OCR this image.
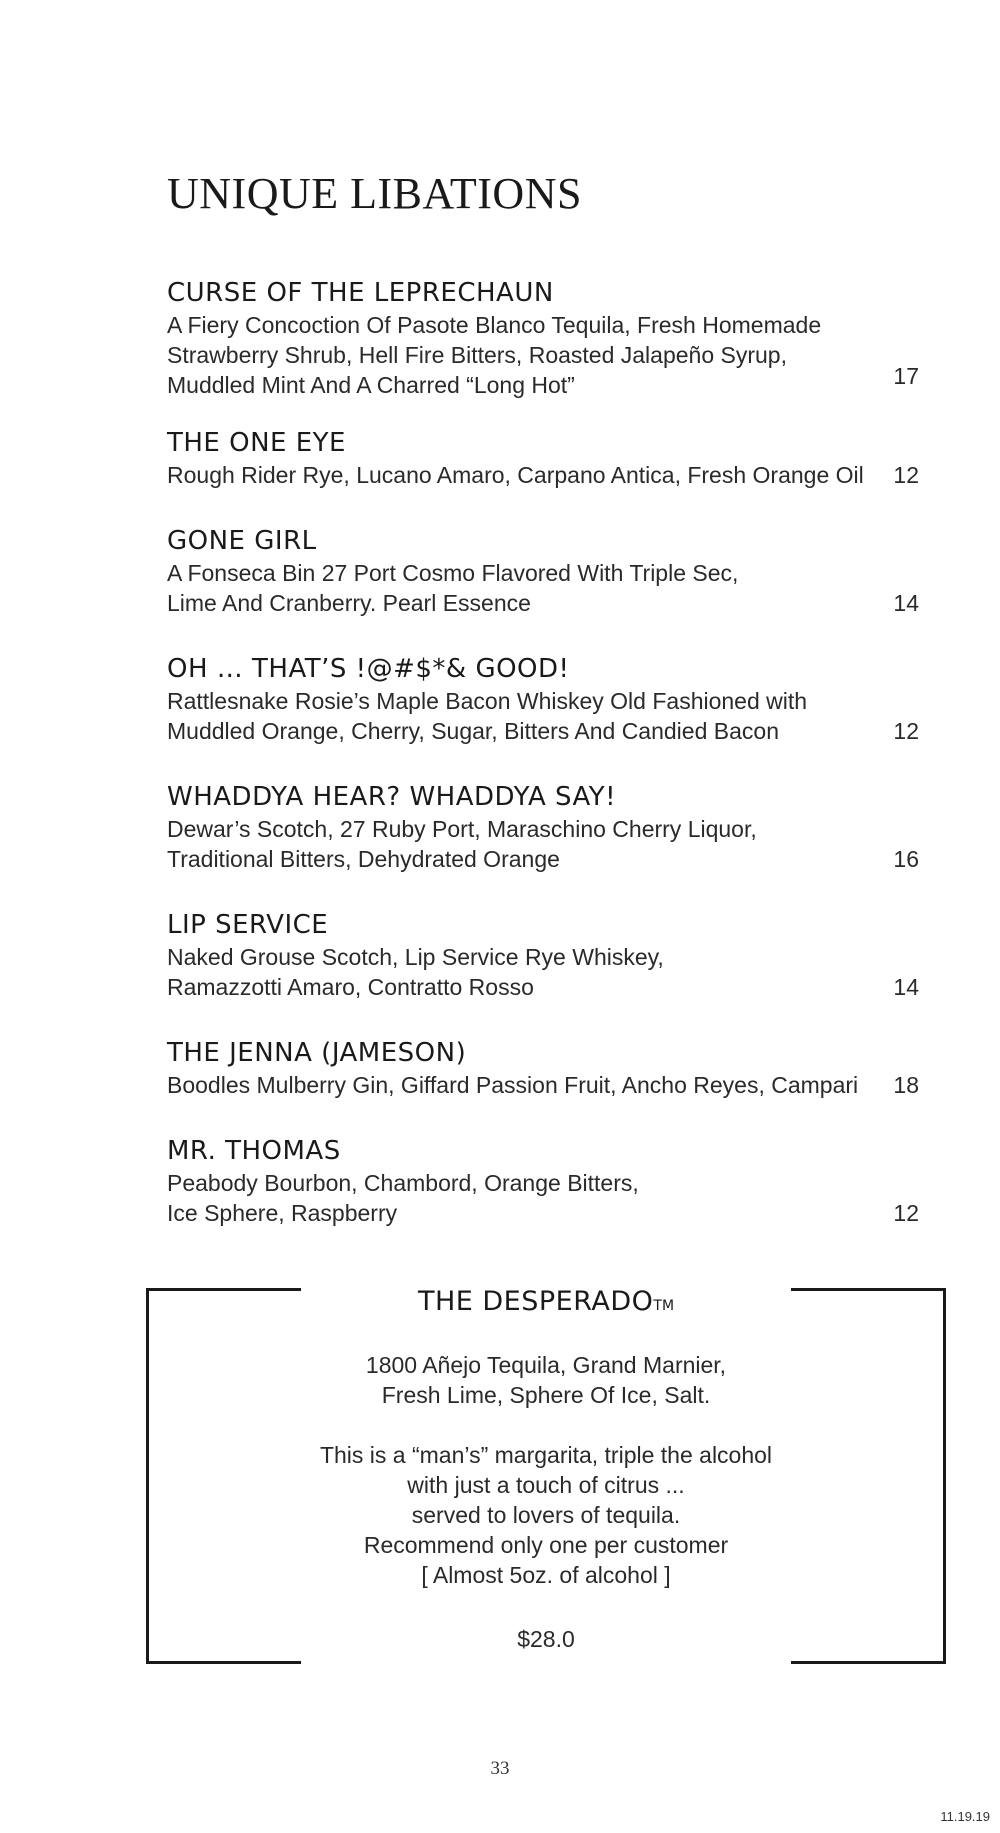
UNIQUE LIBATIONS
CURSE OF THE LEPRECHAUN
A Fiery Concoction Of Pasote Blanco Tequila, Fresh Homemade
Strawberry Shrub, Hell Fire Bitters, Roasted Jalapeño Syrup,
Muddled Mint And A Charred “Long Hot”	17
THE ONE EYE
Rough Rider Rye, Lucano Amaro, Carpano Antica, Fresh Orange Oil 12
GONE GIRL
A Fonseca Bin 27 Port Cosmo Flavored With Triple Sec,
Lime And Cranberry. Pearl Essence	14
OH … THAT’S !@#$*& GOOD!
Rattlesnake Rosie’s Maple Bacon Whiskey Old Fashioned with
Muddled Orange, Cherry, Sugar, Bitters And Candied Bacon	12
WHADDYA HEAR? WHADDYA SAY!
Dewar’s Scotch, 27 Ruby Port, Maraschino Cherry Liquor,
Traditional Bitters, Dehydrated Orange	16
LIP SERVICE
Naked Grouse Scotch, Lip Service Rye Whiskey,
Ramazzotti Amaro, Contratto Rosso	14
THE JENNA (JAMESON)
Boodles Mulberry Gin, Giffard Passion Fruit, Ancho Reyes, Campari 18
MR. THOMAS
Peabody Bourbon, Chambord, Orange Bitters,
Ice Sphere, Raspberry	12
THE DESPERADO™
1800 Añejo Tequila, Grand Marnier,
Fresh Lime, Sphere Of Ice, Salt.
This is a “man’s” margarita, triple the alcohol
with just a touch of citrus ...
served to lovers of tequila.
Recommend only one per customer
[ Almost 5oz. of alcohol ]
$28.0
33
11.19.19
